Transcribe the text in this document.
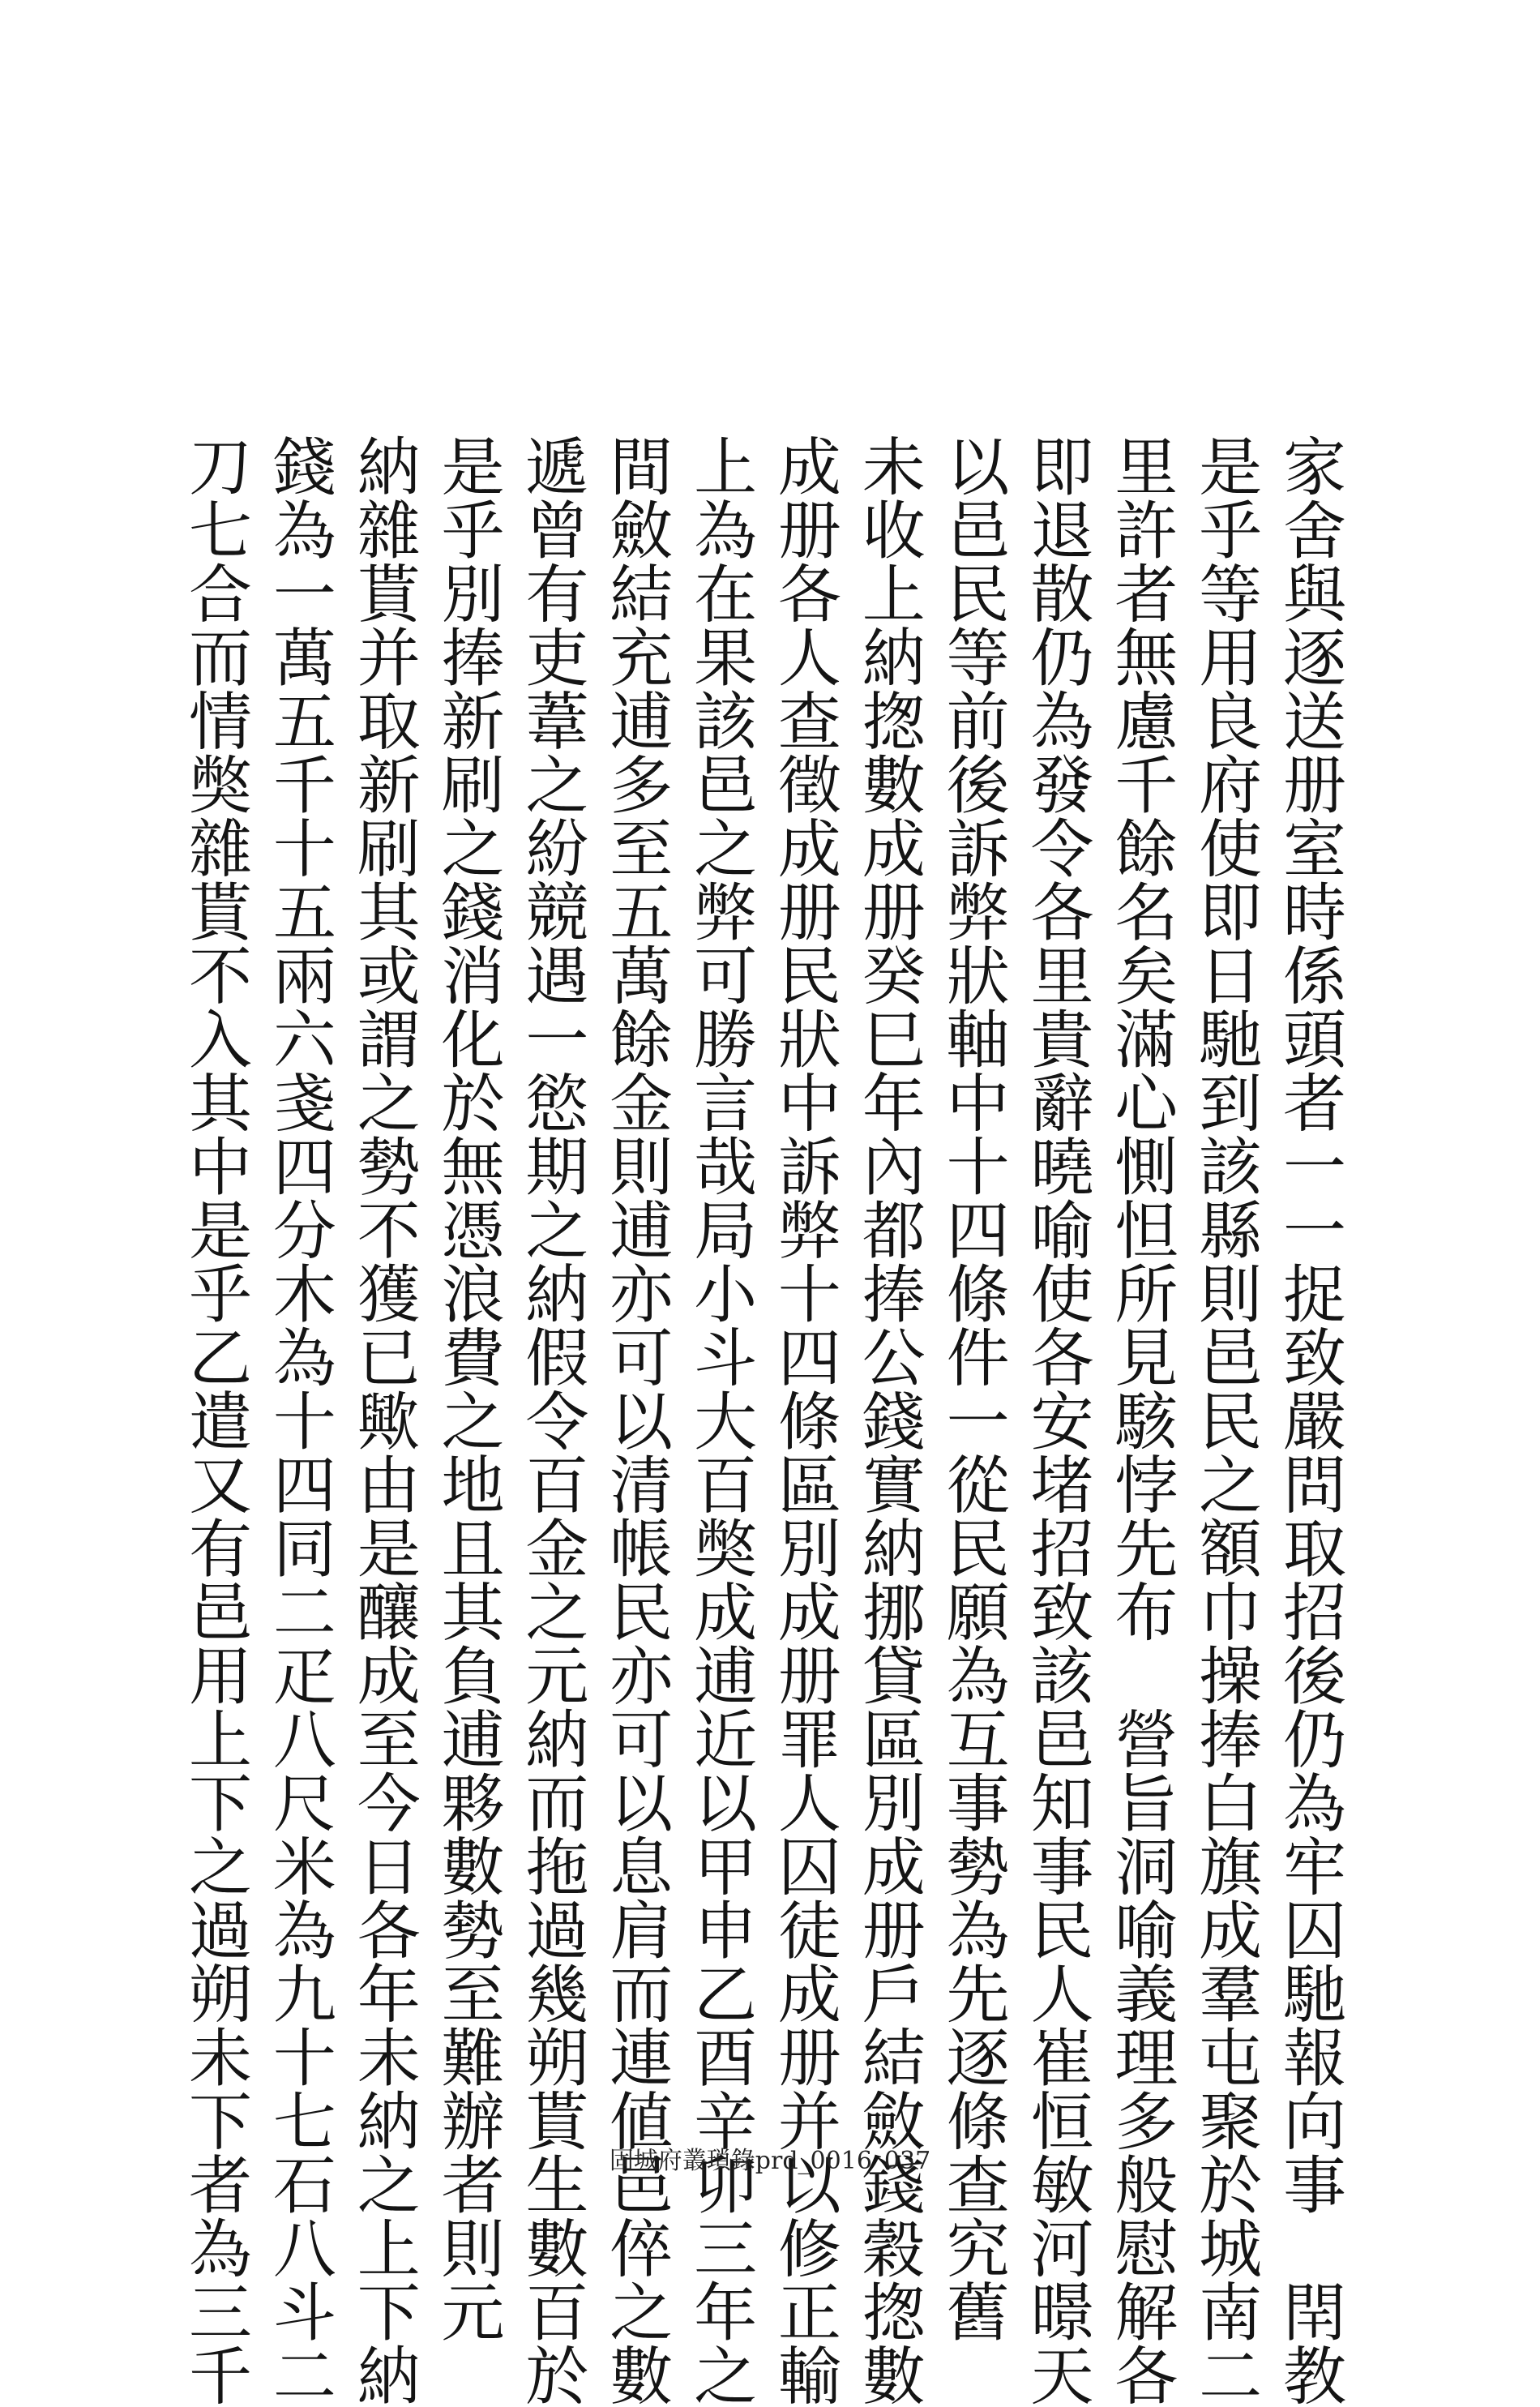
家舍與逐送册室時係頭者一一捉致嚴問取招後仍為牢囚馳報向事　閈教
是乎等用良府使即日馳到該縣則邑民之額巾操捧白旗成羣屯聚於城南二
里許者無慮千餘名矣滿心惻怛所見駭悖先布　營旨洞喻義理多般慰解各
即退散仍為發令各里貴辭曉喻使各安堵招致該邑知事民人崔恒敏河暻天
以邑民等前後訴弊狀軸中十四條件一從民願為互事勢為先逐條查究舊
未收上納揔數成册癸巳年內都捧公錢實納挪貸區別成册戶結斂錢穀揔數
成册各人查徵成册民狀中訴弊十四條區別成册罪人囚徒成册并以修正輸
上為在果該邑之弊可勝言哉局小斗大百獘成逋近以甲申乙酉辛卯三年之
間斂結充逋多至五萬餘金則逋亦可以清帳民亦可以息肩而連値邑倅之數
遞曾有吏葦之紛競遇一慾期之納假令百金之元納而拖過幾朔貰生數百於
是乎別捧新刷之錢消化於無憑浪費之地且其負逋夥數勢至難辦者則元
納雜貰并取新刷其或謂之勢不獲已歟由是釀成至今日各年未納之上下納
錢為一萬五千十五兩六戔四分木為十四同二疋八尺米為九十七石八斗二
刀七合而情獘雜貰不入其中是乎乙遣又有邑用上下之過朔未下者為三千	固城府叢瑣錄prd_0016_037
